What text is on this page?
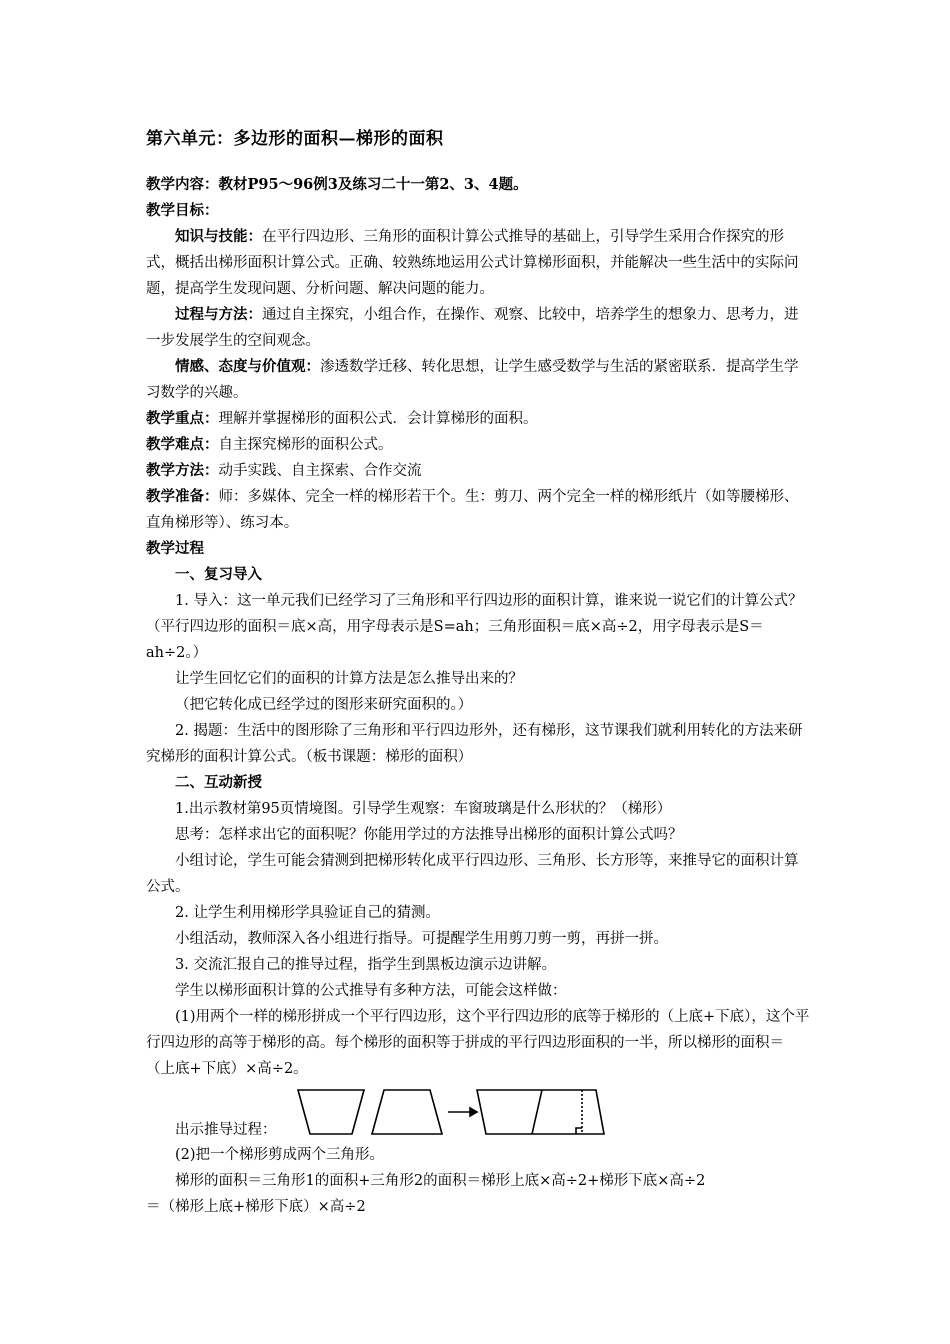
第六单元：多边形的面积—梯形的面积

教学内容：教材P95～96例3及练习二十一第2、3、4题。

教学目标：

知识与技能：在平行四边形、三角形的面积计算公式推导的基础上，引导学生采用合作探究的形式，概括出梯形面积计算公式。正确、较熟练地运用公式计算梯形面积，并能解决一些生活中的实际问题，提高学生发现问题、分析问题、解决问题的能力。

过程与方法：通过自主探究，小组合作，在操作、观察、比较中，培养学生的想象力、思考力，进一步发展学生的空间观念。

情感、态度与价值观：渗透数学迁移、转化思想，让学生感受数学与生活的紧密联系．提高学生学习数学的兴趣。

教学重点：理解并掌握梯形的面积公式．会计算梯形的面积。

教学难点：自主探究梯形的面积公式。

教学方法：动手实践、自主探索、合作交流

教学准备：师：多媒体、完全一样的梯形若干个。生：剪刀、两个完全一样的梯形纸片（如等腰梯形、直角梯形等）、练习本。

教学过程

一、复习导入

1. 导入：这一单元我们已经学习了三角形和平行四边形的面积计算，谁来说一说它们的计算公式？（平行四边形的面积＝底×高，用字母表示是S=ah；三角形面积＝底×高÷2，用字母表示是S＝ah÷2。）

让学生回忆它们的面积的计算方法是怎么推导出来的？

（把它转化成已经学过的图形来研究面积的。）

2. 揭题：生活中的图形除了三角形和平行四边形外，还有梯形，这节课我们就利用转化的方法来研究梯形的面积计算公式。（板书课题：梯形的面积）

二、互动新授

1.出示教材第95页情境图。引导学生观察：车窗玻璃是什么形状的？（梯形）

思考：怎样求出它的面积呢？你能用学过的方法推导出梯形的面积计算公式吗？

小组讨论，学生可能会猜测到把梯形转化成平行四边形、三角形、长方形等，来推导它的面积计算公式。

2. 让学生利用梯形学具验证自己的猜测。

小组活动，教师深入各小组进行指导。可提醒学生用剪刀剪一剪，再拼一拼。

3. 交流汇报自己的推导过程，指学生到黑板边演示边讲解。

学生以梯形面积计算的公式推导有多种方法，可能会这样做：

(1)用两个一样的梯形拼成一个平行四边形，这个平行四边形的底等于梯形的（上底+下底），这个平行四边形的高等于梯形的高。每个梯形的面积等于拼成的平行四边形面积的一半，所以梯形的面积＝（上底+下底）×高÷2。

出示推导过程：

(2)把一个梯形剪成两个三角形。

梯形的面积＝三角形1的面积+三角形2的面积＝梯形上底×高÷2+梯形下底×高÷2

＝（梯形上底+梯形下底）×高÷2
